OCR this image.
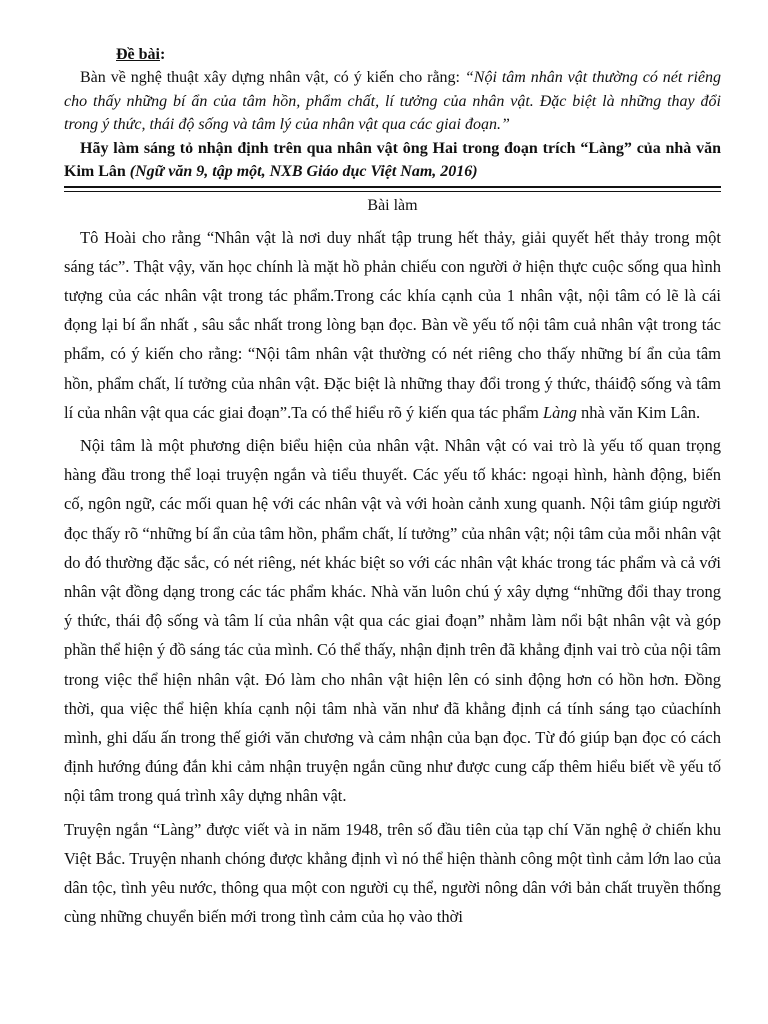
Đề bài:

Bàn về nghệ thuật xây dựng nhân vật, có ý kiến cho rằng: “Nội tâm nhân vật thường có nét riêng cho thấy những bí ẩn của tâm hồn, phẩm chất, lí tưởng của nhân vật. Đặc biệt là những thay đổi trong ý thức, thái độ sống và tâm lý của nhân vật qua các giai đoạn.”

Hãy làm sáng tỏ nhận định trên qua nhân vật ông Hai trong đoạn trích “Làng” của nhà văn Kim Lân (Ngữ văn 9, tập một, NXB Giáo dục Việt Nam, 2016)

Bài làm

Tô Hoài cho rằng “Nhân vật là nơi duy nhất tập trung hết thảy, giải quyết hết thảy trong một sáng tác”. Thật vậy, văn học chính là mặt hồ phản chiếu con người ở hiện thực cuộc sống qua hình tượng của các nhân vật trong tác phẩm.Trong các khía cạnh của 1 nhân vật, nội tâm có lẽ là cái đọng lại bí ẩn nhất , sâu sắc nhất trong lòng bạn đọc. Bàn về yếu tố nội tâm cuả nhân vật trong tác phẩm, có ý kiến cho rằng: “Nội tâm nhân vật thường có nét riêng cho thấy những bí ẩn của tâm hồn, phẩm chất, lí tưởng của nhân vật. Đặc biệt là những thay đổi trong ý thức, tháiđộ sống và tâm lí của nhân vật qua các giai đoạn”.Ta có thể hiểu rõ ý kiến qua tác phẩm Làng nhà văn Kim Lân.

Nội tâm là một phương diện biểu hiện của nhân vật. Nhân vật có vai trò là yếu tố quan trọng hàng đầu trong thể loại truyện ngắn và tiểu thuyết. Các yếu tố khác: ngoại hình, hành động, biến cố, ngôn ngữ, các mối quan hệ với các nhân vật và với hoàn cảnh xung quanh. Nội tâm giúp người đọc thấy rõ “những bí ẩn của tâm hồn, phẩm chất, lí tưởng” của nhân vật; nội tâm của mỗi nhân vật do đó thường đặc sắc, có nét riêng, nét khác biệt so với các nhân vật khác trong tác phẩm và cả với nhân vật đồng dạng trong các tác phẩm khác. Nhà văn luôn chú ý xây dựng “những đổi thay trong ý thức, thái độ sống và tâm lí của nhân vật qua các giai đoạn” nhằm làm nổi bật nhân vật và góp phần thể hiện ý đồ sáng tác của mình. Có thể thấy, nhận định trên đã khẳng định vai trò của nội tâm trong việc thể hiện nhân vật. Đó làm cho nhân vật hiện lên có sinh động hơn có hồn hơn. Đồng thời, qua việc thể hiện khía cạnh nội tâm nhà văn như đã khẳng định cá tính sáng tạo củachính mình, ghi dấu ấn trong thế giới văn chương và cảm nhận của bạn đọc. Từ đó giúp bạn đọc có cách định hướng đúng đắn khi cảm nhận truyện ngắn cũng như được cung cấp thêm hiểu biết về yếu tố nội tâm trong quá trình xây dựng nhân vật.

Truyện ngắn “Làng” được viết và in năm 1948, trên số đầu tiên của tạp chí Văn nghệ ở chiến khu Việt Bắc. Truyện nhanh chóng được khẳng định vì nó thể hiện thành công một tình cảm lớn lao của dân tộc, tình yêu nước, thông qua một con người cụ thể, người nông dân với bản chất truyền thống cùng những chuyển biến mới trong tình cảm của họ vào thời
